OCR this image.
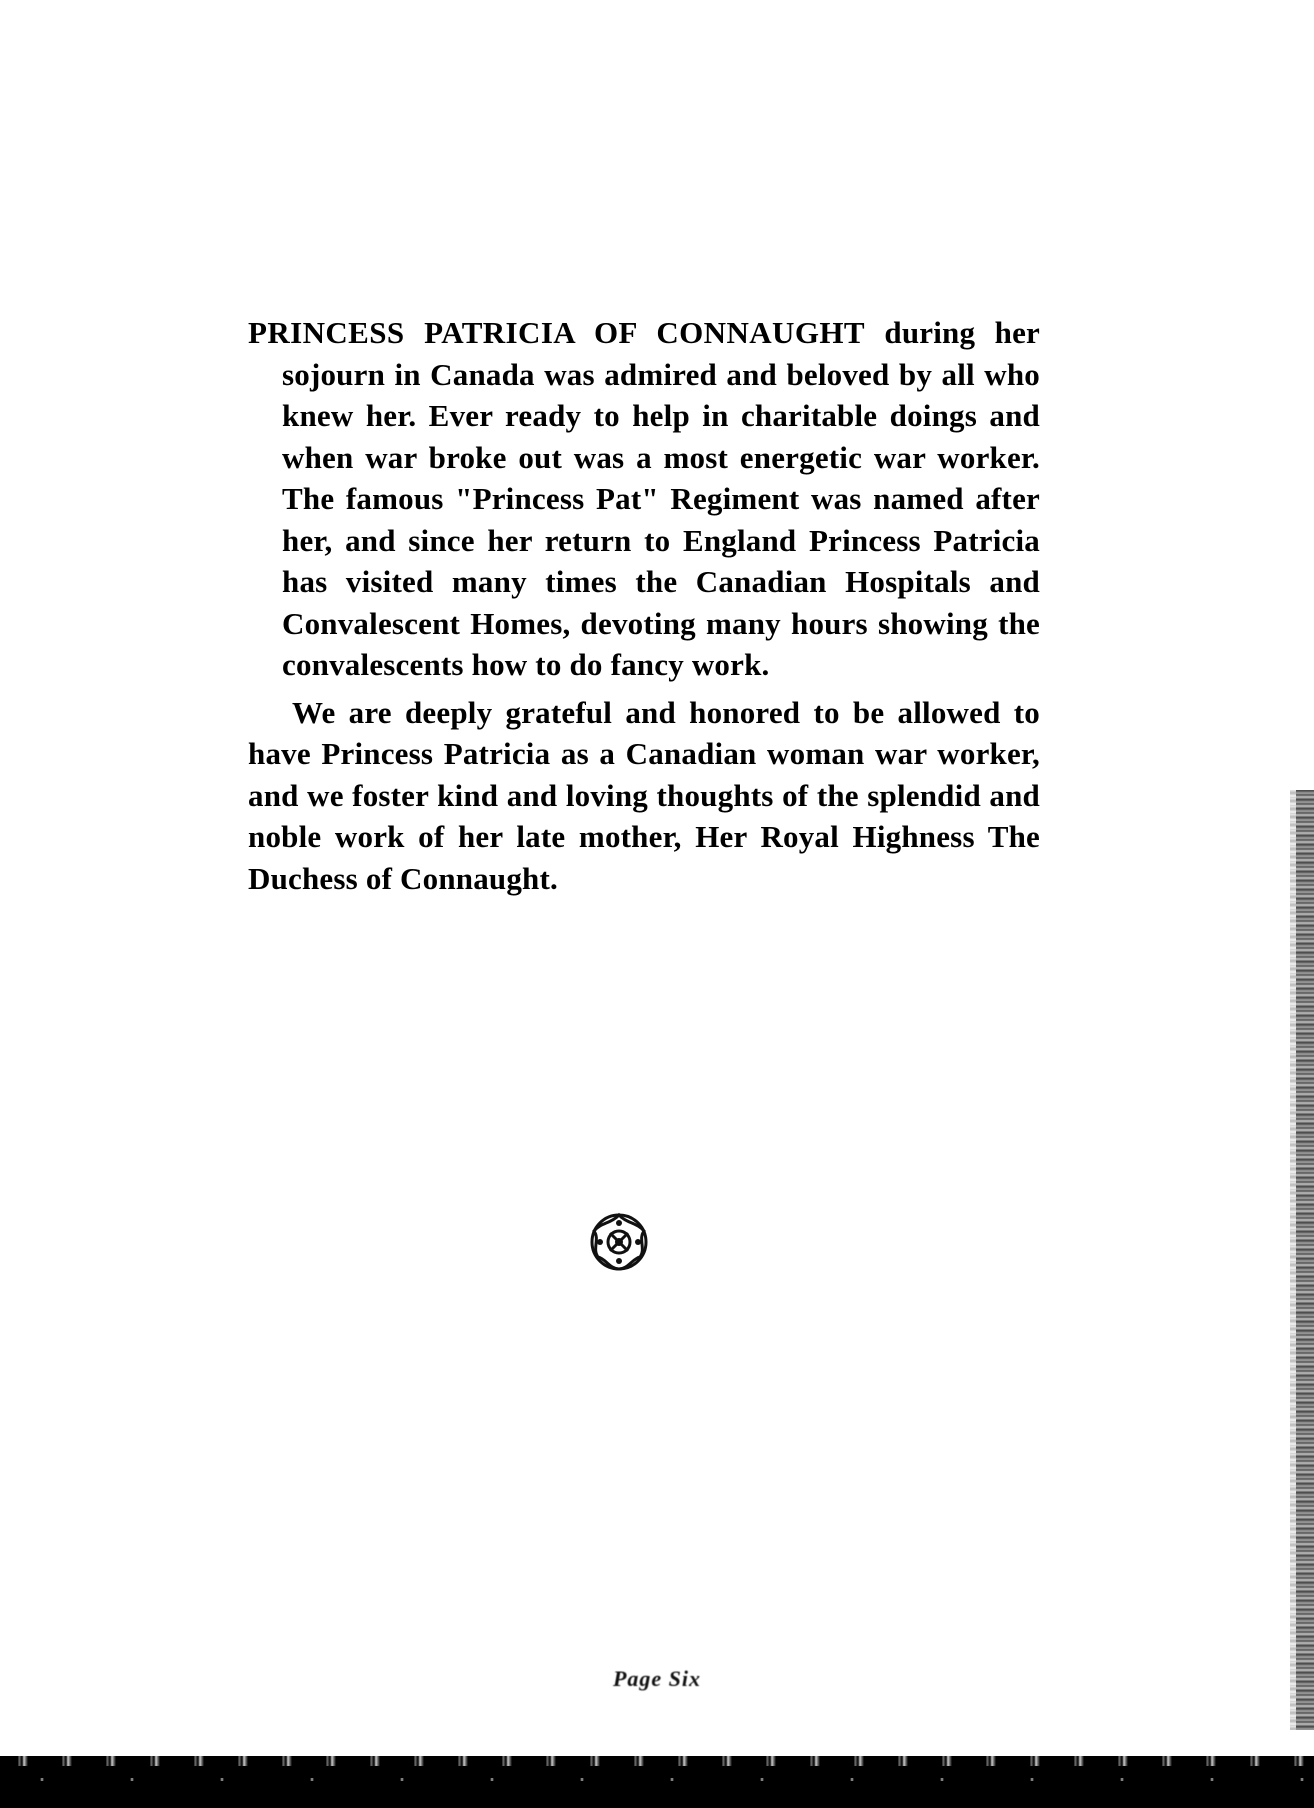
PRINCESS PATRICIA OF CONNAUGHT during her sojourn in Canada was admired and beloved by all who knew her. Ever ready to help in charitable doings and when war broke out was a most energetic war worker. The famous "Princess Pat" Regiment was named after her, and since her return to England Princess Patricia has visited many times the Canadian Hospitals and Convalescent Homes, devoting many hours showing the convalescents how to do fancy work.

We are deeply grateful and honored to be allowed to have Princess Patricia as a Canadian woman war worker, and we foster kind and loving thoughts of the splendid and noble work of her late mother, Her Royal Highness The Duchess of Connaught.

Page Six
